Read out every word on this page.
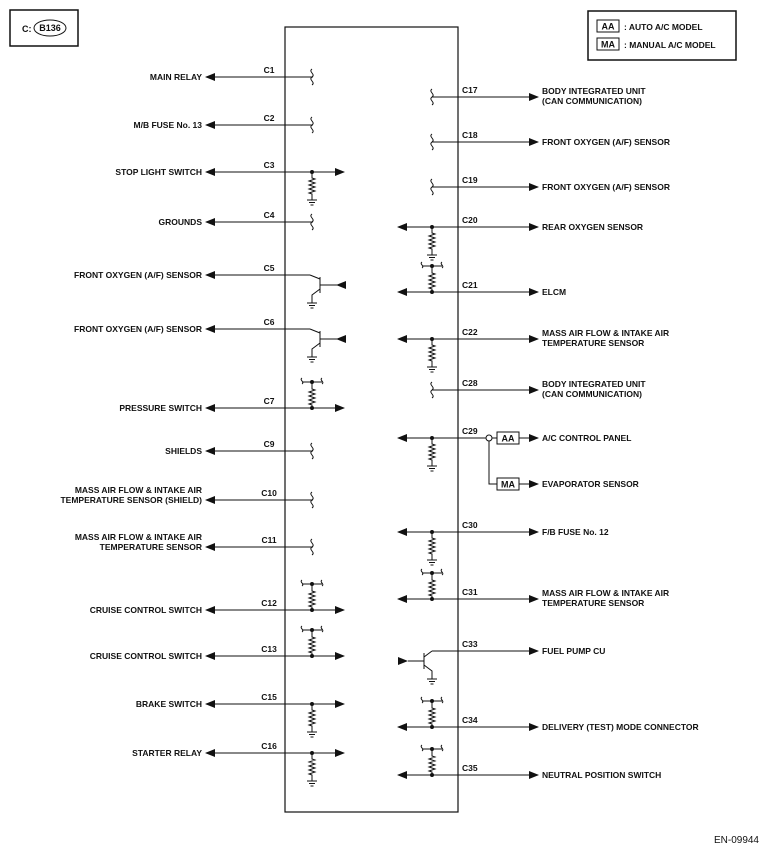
C: B136	AA : AUTO A/C MODEL
MA : MANUAL A/C MODEL
MAIN RELAY
C1
M/B FUSE No. 13
C2
STOP LIGHT SWITCH
C3
GROUNDS
C4
FRONT OXYGEN (A/F) SENSOR
C5
FRONT OXYGEN (A/F) SENSOR
C6
PRESSURE SWITCH
C7
SHIELDS
C9
MASS AIR FLOW & INTAKE AIR
TEMPERATURE SENSOR (SHIELD)
C10
MASS AIR FLOW & INTAKE AIR
TEMPERATURE SENSOR
C11
CRUISE CONTROL SWITCH
C12
CRUISE CONTROL SWITCH
C13
BRAKE SWITCH
C15
STARTER RELAY
C16
C17	BODY INTEGRATED UNIT
(CAN COMMUNICATION)
C18
FRONT OXYGEN (A/F) SENSOR
C19
FRONT OXYGEN (A/F) SENSOR
C20
REAR OXYGEN SENSOR
C21
ELCM
C22	MASS AIR FLOW & INTAKE AIR
TEMPERATURE SENSOR
C28	BODY INTEGRATED UNIT
(CAN COMMUNICATION)
C29
A/C CONTROL PANEL
AA
MA	EVAPORATOR SENSOR
C30
F/B FUSE No. 12
C31	MASS AIR FLOW & INTAKE AIR
TEMPERATURE SENSOR
C33
FUEL PUMP CU
C34
DELIVERY (TEST) MODE CONNECTOR
C35
NEUTRAL POSITION SWITCH
EN-09944
